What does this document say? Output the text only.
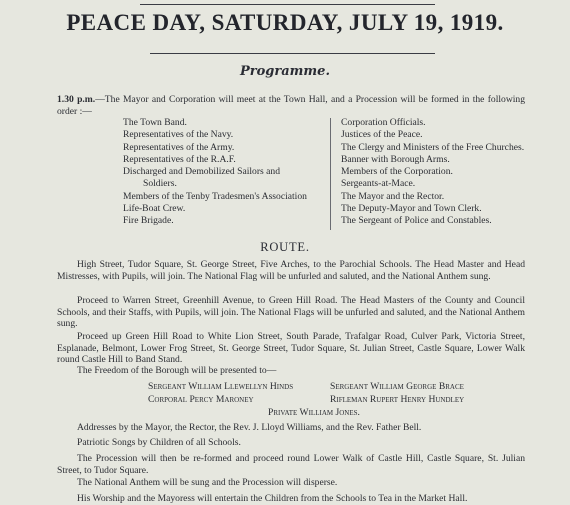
PEACE DAY, SATURDAY, JULY 19, 1919.
Programme.
1.30 p.m.—The Mayor and Corporation will meet at the Town Hall, and a Procession will be formed in the following order :—
The Town Band.
Representatives of the Navy.
Representatives of the Army.
Representatives of the R.A.F.
Discharged and Demobilized Sailors and
Soldiers.
Members of the Tenby Tradesmen's Association
Life-Boat Crew.
Fire Brigade.
Corporation Officials.
Justices of the Peace.
The Clergy and Ministers of the Free Churches.
Banner with Borough Arms.
Members of the Corporation.
Sergeants-at-Mace.
The Mayor and the Rector.
The Deputy-Mayor and Town Clerk.
The Sergeant of Police and Constables.
ROUTE.
High Street, Tudor Square, St. George Street, Five Arches, to the Parochial Schools. The Head Master and Head Mistresses, with Pupils, will join. The National Flag will be unfurled and saluted, and the National Anthem sung.
Proceed to Warren Street, Greenhill Avenue, to Green Hill Road. The Head Masters of the County and Council Schools, and their Staffs, with Pupils, will join. The National Flags will be unfurled and saluted, and the National Anthem sung.
Proceed up Green Hill Road to White Lion Street, South Parade, Trafalgar Road, Culver Park, Victoria Street, Esplanade, Belmont, Lower Frog Street, St. George Street, Tudor Square, St. Julian Street, Castle Square, Lower Walk round Castle Hill to Band Stand.
The Freedom of the Borough will be presented to—
Sergeant William Llewellyn Hinds	Sergeant William George Brace
Corporal Percy Maroney	Rifleman Rupert Henry Hundley
Private William Jones.
Addresses by the Mayor, the Rector, the Rev. J. Lloyd Williams, and the Rev. Father Bell.
Patriotic Songs by Children of all Schools.
The Procession will then be re-formed and proceed round Lower Walk of Castle Hill, Castle Square, St. Julian Street, to Tudor Square.
The National Anthem will be sung and the Procession will disperse.
His Worship and the Mayoress will entertain the Children from the Schools to Tea in the Market Hall.
